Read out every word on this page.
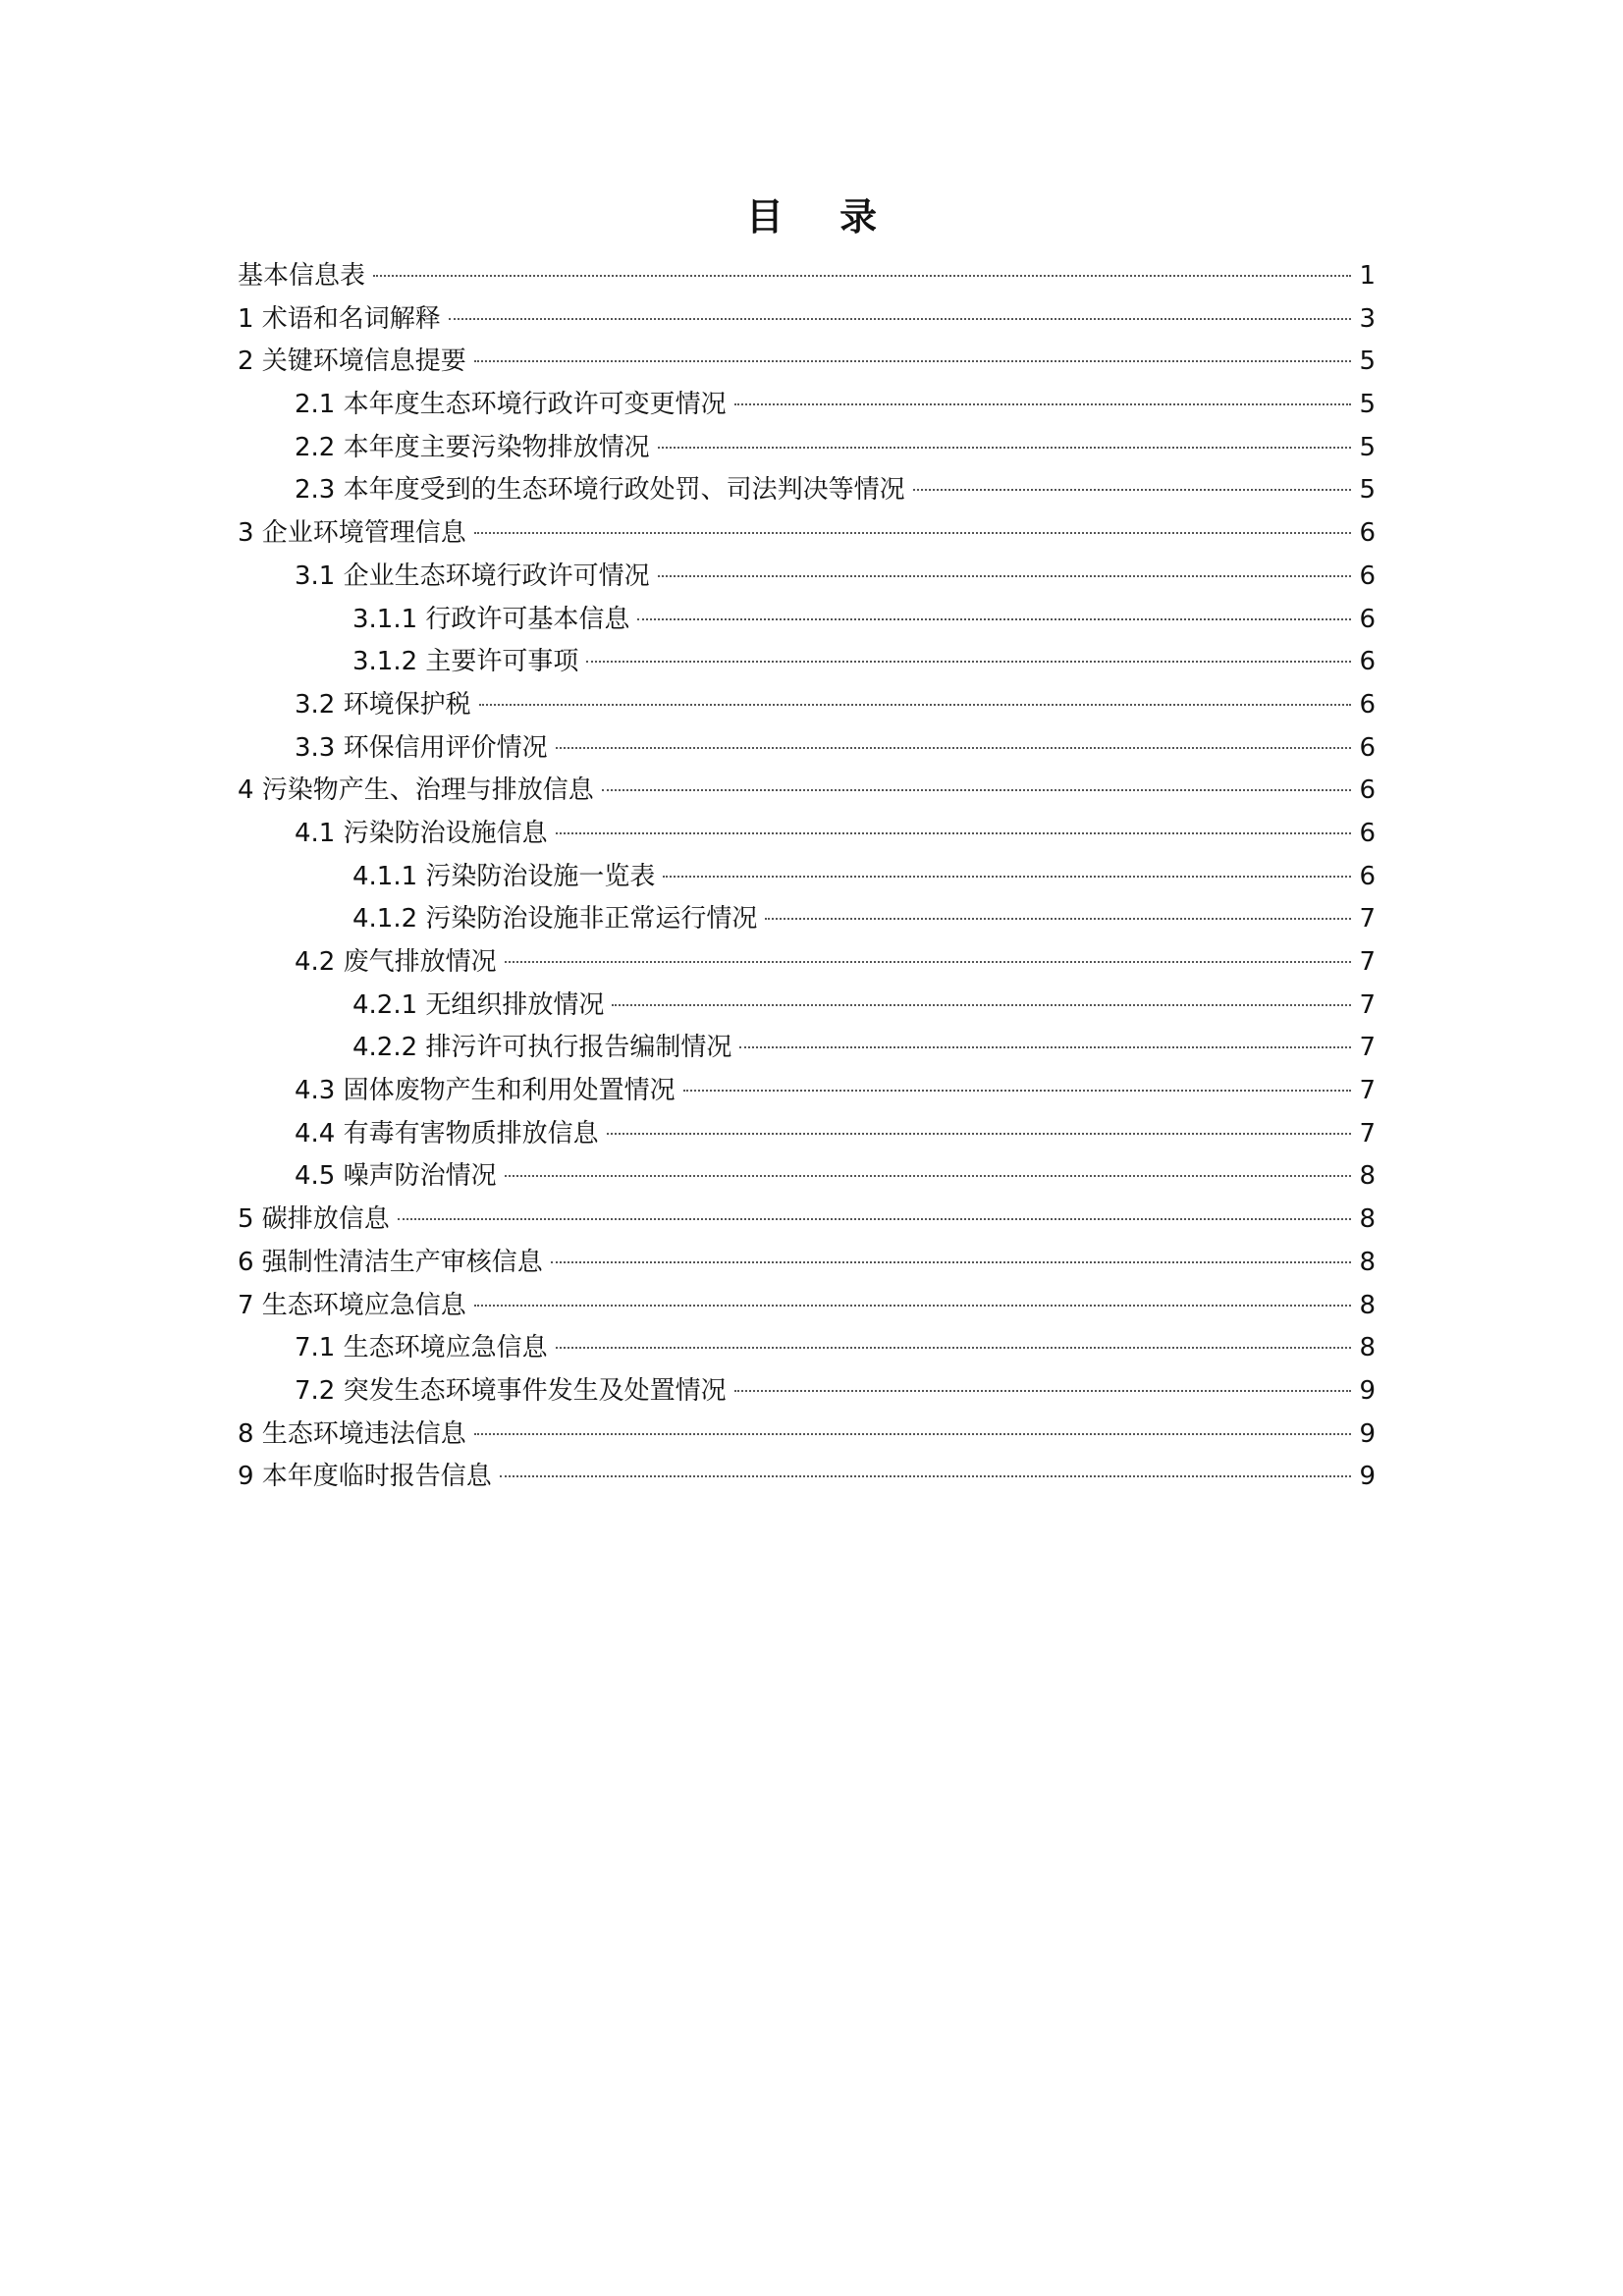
目 录
基本信息表	1
1 术语和名词解释	3
2 关键环境信息提要	5
2.1 本年度生态环境行政许可变更情况	5
2.2 本年度主要污染物排放情况	5
2.3 本年度受到的生态环境行政处罚、司法判决等情况	5
3 企业环境管理信息	6
3.1 企业生态环境行政许可情况	6
3.1.1 行政许可基本信息	6
3.1.2 主要许可事项	6
3.2 环境保护税	6
3.3 环保信用评价情况	6
4 污染物产生、治理与排放信息	6
4.1 污染防治设施信息	6
4.1.1 污染防治设施一览表	6
4.1.2 污染防治设施非正常运行情况	7
4.2 废气排放情况	7
4.2.1 无组织排放情况	7
4.2.2 排污许可执行报告编制情况	7
4.3 固体废物产生和利用处置情况	7
4.4 有毒有害物质排放信息	7
4.5 噪声防治情况	8
5 碳排放信息	8
6 强制性清洁生产审核信息	8
7 生态环境应急信息	8
7.1 生态环境应急信息	8
7.2 突发生态环境事件发生及处置情况	9
8 生态环境违法信息	9
9 本年度临时报告信息	9
